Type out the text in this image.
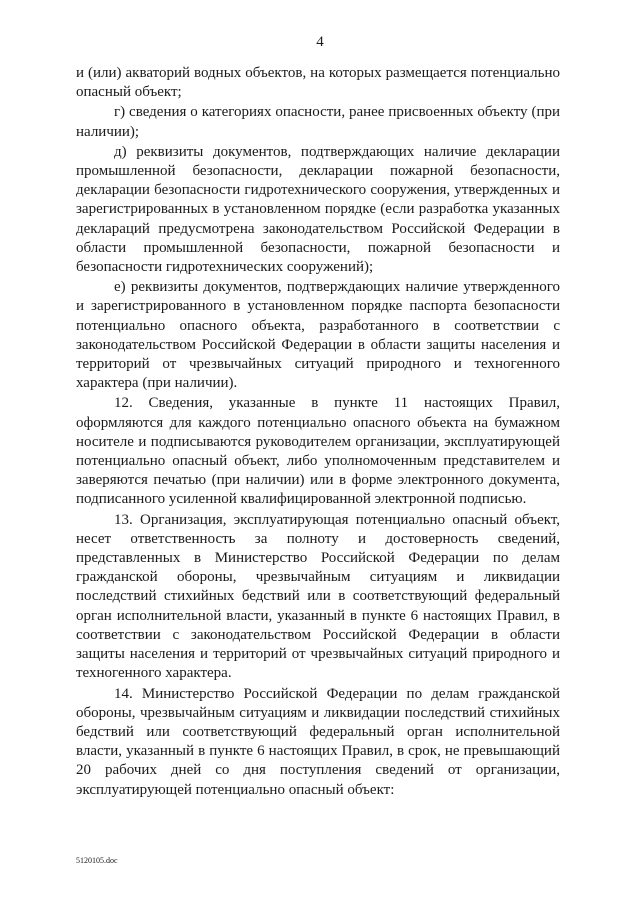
4

и (или) акваторий водных объектов, на которых размещается потенциально опасный объект;

г) сведения о категориях опасности, ранее присвоенных объекту (при наличии);

д) реквизиты документов, подтверждающих наличие декларации промышленной безопасности, декларации пожарной безопасности, декларации безопасности гидротехнического сооружения, утвержденных и зарегистрированных в установленном порядке (если разработка указанных деклараций предусмотрена законодательством Российской Федерации в области промышленной безопасности, пожарной безопасности и безопасности гидротехнических сооружений);

е) реквизиты документов, подтверждающих наличие утвержденного и зарегистрированного в установленном порядке паспорта безопасности потенциально опасного объекта, разработанного в соответствии с законодательством Российской Федерации в области защиты населения и территорий от чрезвычайных ситуаций природного и техногенного характера (при наличии).

12. Сведения, указанные в пункте 11 настоящих Правил, оформляются для каждого потенциально опасного объекта на бумажном носителе и подписываются руководителем организации, эксплуатирующей потенциально опасный объект, либо уполномоченным представителем и заверяются печатью (при наличии) или в форме электронного документа, подписанного усиленной квалифицированной электронной подписью.

13. Организация, эксплуатирующая потенциально опасный объект, несет ответственность за полноту и достоверность сведений, представленных в Министерство Российской Федерации по делам гражданской обороны, чрезвычайным ситуациям и ликвидации последствий стихийных бедствий или в соответствующий федеральный орган исполнительной власти, указанный в пункте 6 настоящих Правил, в соответствии с законодательством Российской Федерации в области защиты населения и территорий от чрезвычайных ситуаций природного и техногенного характера.

14. Министерство Российской Федерации по делам гражданской обороны, чрезвычайным ситуациям и ликвидации последствий стихийных бедствий или соответствующий федеральный орган исполнительной власти, указанный в пункте 6 настоящих Правил, в срок, не превышающий 20 рабочих дней со дня поступления сведений от организации, эксплуатирующей потенциально опасный объект:

5120105.doc
